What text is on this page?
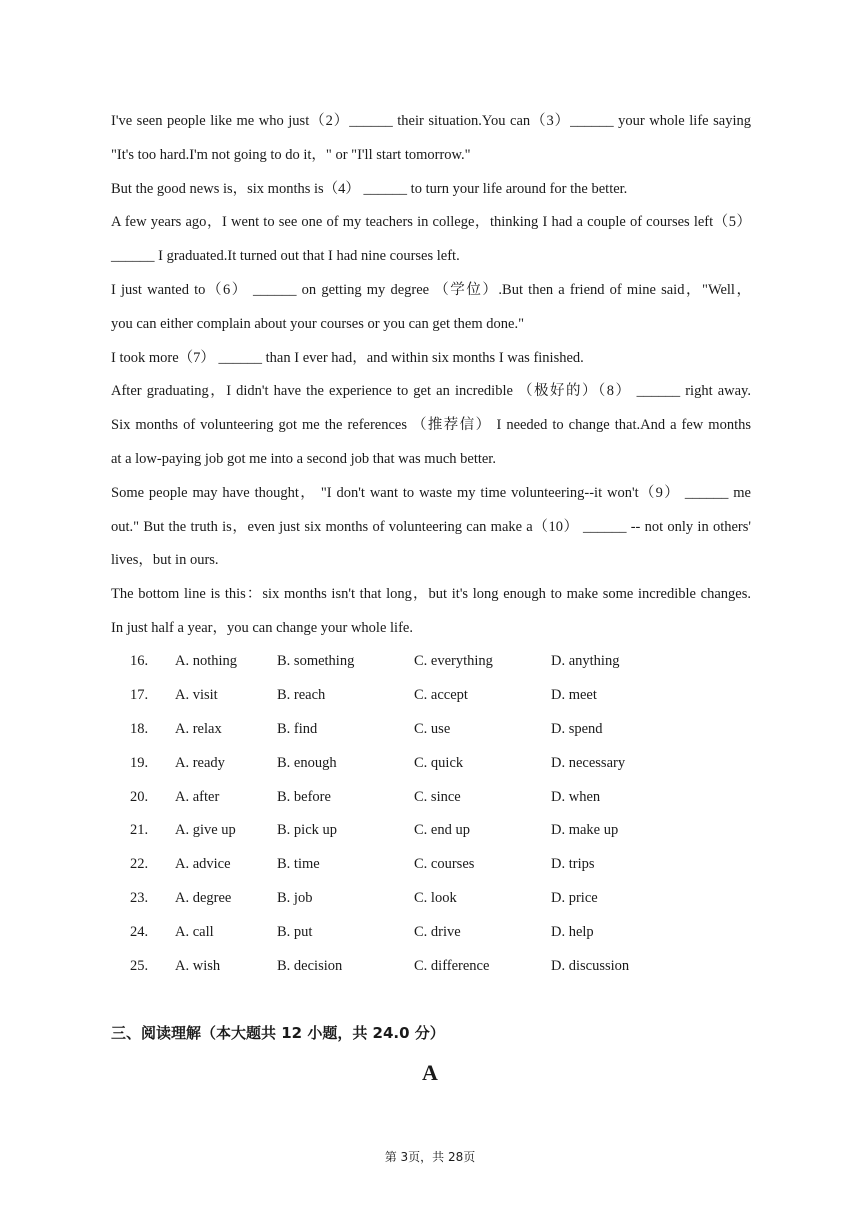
I've seen people like me who just（2）______ their situation.You can（3）______ your whole life saying

"It's too hard.I'm not going to do it，" or "I'll start tomorrow."

But the good news is，six months is（4） ______ to turn your life around for the better.

A few years ago，I went to see one of my teachers in college，thinking I had a couple of courses left（5）

______ I graduated.It turned out that I had nine courses left.

I just wanted to（6） ______ on getting my degree （学位）.But then a friend of mine said，"Well，

you can either complain about your courses or you can get them done."

I took more（7） ______ than I ever had，and within six months I was finished.

After graduating，I didn't have the experience to get an incredible （极好的）（8） ______ right away.

Six months of volunteering got me the references （推荐信） I needed to change that.And a few months

at a low-paying job got me into a second job that was much better.

Some people may have thought， "I don't want to waste my time volunteering--it won't（9） ______ me

out." But the truth is，even just six months of volunteering can make a（10） ______ -- not only in others'

lives，but in ours.

The bottom line is this：six months isn't that long，but it's long enough to make some incredible changes.

In just half a year，you can change your whole life.

16.	A. nothing	B. something	C. everything	D. anything
17.	A. visit	B. reach	C. accept	D. meet
18.	A. relax	B. find	C. use	D. spend
19.	A. ready	B. enough	C. quick	D. necessary
20.	A. after	B. before	C. since	D. when
21.	A. give up	B. pick up	C. end up	D. make up
22.	A. advice	B. time	C. courses	D. trips
23.	A. degree	B. job	C. look	D. price
24.	A. call	B. put	C. drive	D. help
25.	A. wish	B. decision	C. difference	D. discussion
三、阅读理解（本大题共 12 小题，共 24.0 分）
A
第 3页，共 28页
